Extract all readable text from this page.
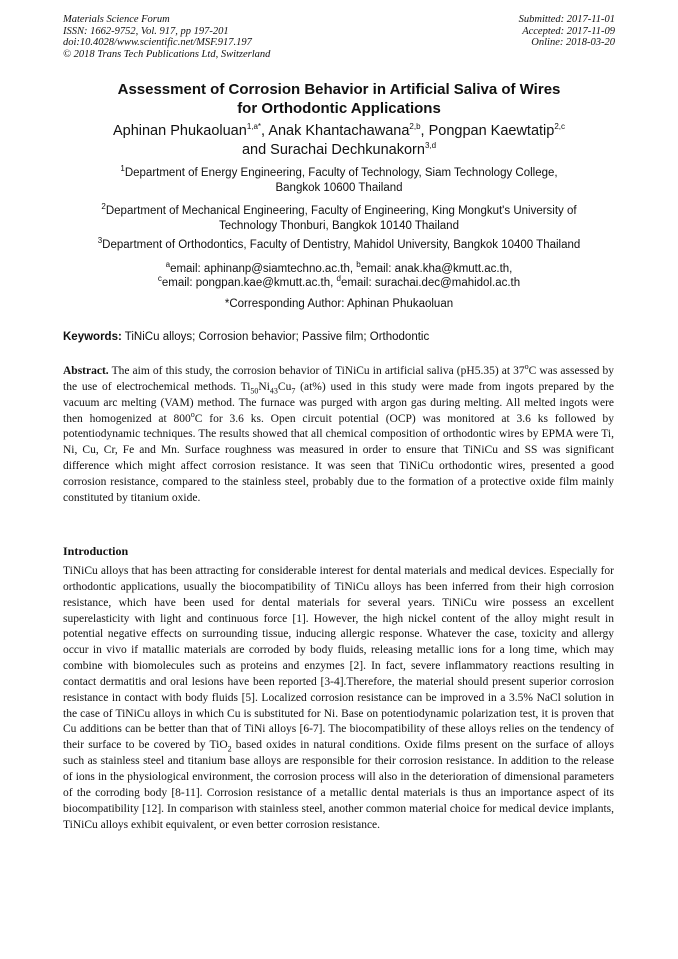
Materials Science Forum
ISSN: 1662-9752, Vol. 917, pp 197-201
doi:10.4028/www.scientific.net/MSF.917.197
© 2018 Trans Tech Publications Ltd, Switzerland
Submitted: 2017-11-01
Accepted: 2017-11-09
Online: 2018-03-20
Assessment of Corrosion Behavior in Artificial Saliva of Wires
for Orthodontic Applications
Aphinan Phukaoluan$^{1,a*}$, Anak Khantachawana$^{2,b}$, Pongpan Kaewtatip$^{2,c}$
and Surachai Dechkunakorn$^{3,d}$
$^1$Department of Energy Engineering, Faculty of Technology, Siam Technology College,
Bangkok 10600 Thailand
$^2$Department of Mechanical Engineering, Faculty of Engineering, King Mongkut's University of
Technology Thonburi, Bangkok 10140 Thailand
$^3$Department of Orthodontics, Faculty of Dentistry, Mahidol University, Bangkok 10400 Thailand
$^a$email: aphinanp@siamtechno.ac.th, $^b$email: anak.kha@kmutt.ac.th,
$^c$email: pongpan.kae@kmutt.ac.th, $^d$email: surachai.dec@mahidol.ac.th
*Corresponding Author: Aphinan Phukaoluan
Keywords: TiNiCu alloys; Corrosion behavior; Passive film; Orthodontic
Abstract. The aim of this study, the corrosion behavior of TiNiCu in artificial saliva (pH5.35) at 37$^o$C was assessed by the use of electrochemical methods. $Ti_{50}Ni_{43}Cu_7$ (at%) used in this study were made from ingots prepared by the vacuum arc melting (VAM) method. The furnace was purged with argon gas during melting. All melted ingots were then homogenized at 800$^o$C for 3.6 ks. Open circuit potential (OCP) was monitored at 3.6 ks followed by potentiodynamic techniques. The results showed that all chemical composition of orthodontic wires by EPMA were Ti, Ni, Cu, Cr, Fe and Mn. Surface roughness was measured in order to ensure that TiNiCu and SS was significant difference which might affect corrosion resistance. It was seen that TiNiCu orthodontic wires, presented a good corrosion resistance, compared to the stainless steel, probably due to the formation of a protective oxide film mainly constituted by titanium oxide.
Introduction
TiNiCu alloys that has been attracting for considerable interest for dental materials and medical devices. Especially for orthodontic applications, usually the biocompatibility of TiNiCu alloys has been inferred from their high corrosion resistance, which have been used for dental materials for several years. TiNiCu wire possess an excellent superelasticity with light and continuous force [1]. However, the high nickel content of the alloy might result in potential negative effects on surrounding tissue, inducing allergic response. Whatever the case, toxicity and allergy occur in vivo if matallic materials are corroded by body fluids, releasing metallic ions for a long time, which may combine with biomolecules such as proteins and enzymes [2]. In fact, severe inflammatory reactions resulting in contact dermatitis and oral lesions have been reported [3-4].Therefore, the material should present superior corrosion resistance in contact with body fluids [5]. Localized corrosion resistance can be improved in a 3.5% NaCl solution in the case of TiNiCu alloys in which Cu is substituted for Ni. Base on potentiodynamic polarization test, it is proven that Cu additions can be better than that of TiNi alloys [6-7]. The biocompatibility of these alloys relies on the tendency of their surface to be covered by TiO$_2$ based oxides in natural conditions. Oxide films present on the surface of alloys such as stainless steel and titanium base alloys are responsible for their corrosion resistance. In addition to the release of ions in the physiological environment, the corrosion process will also in the deterioration of dimensional parameters of the corroding body [8-11]. Corrosion resistance of a metallic dental materials is thus an importance aspect of its biocompatibility [12]. In comparison with stainless steel, another common material choice for medical device implants, TiNiCu alloys exhibit equivalent, or even better corrosion resistance.
